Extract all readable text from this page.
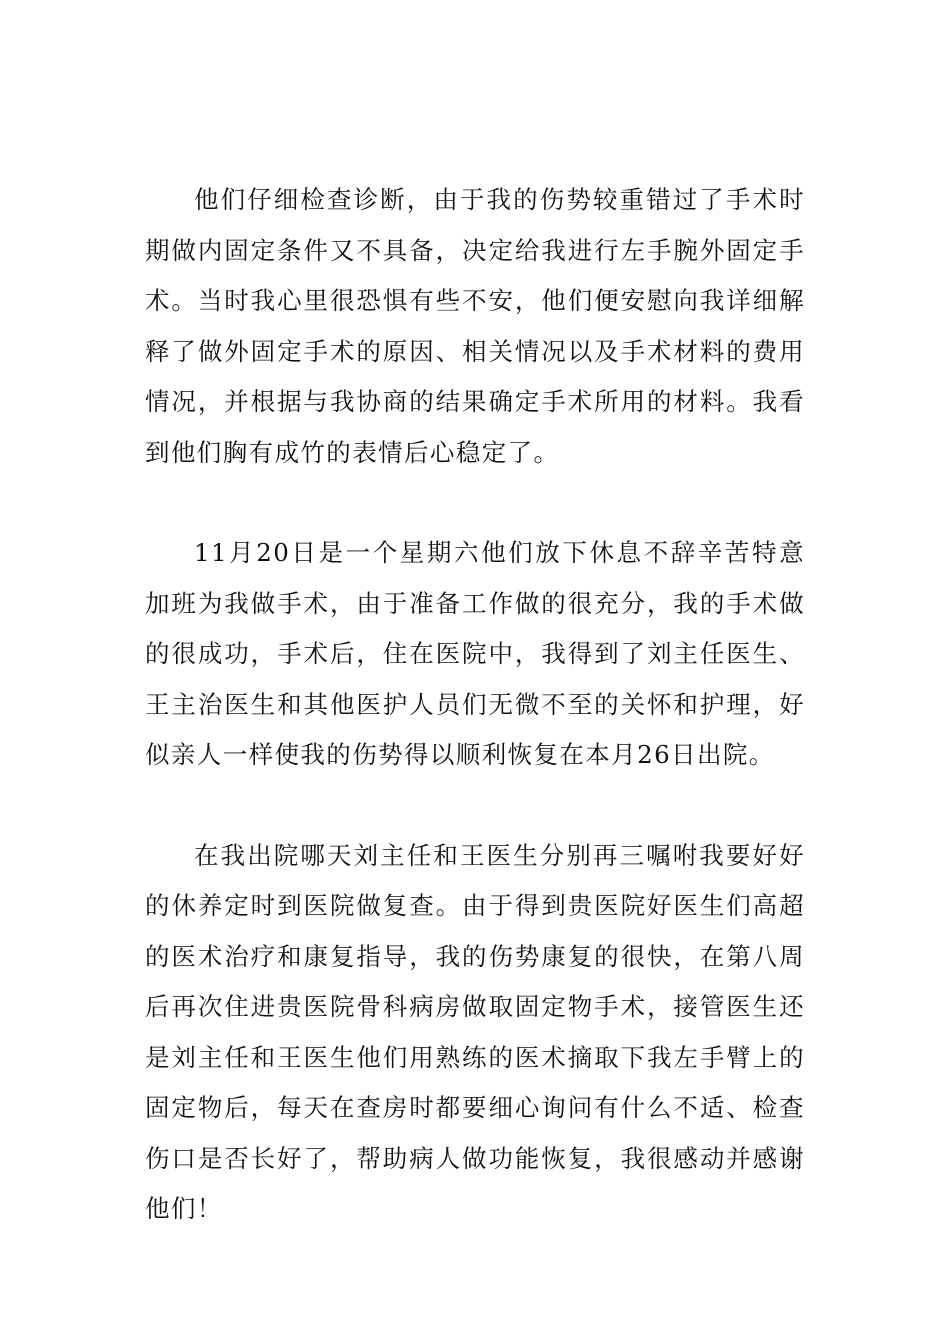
他们仔细检查诊断，由于我的伤势较重错过了手术时期做内固定条件又不具备，决定给我进行左手腕外固定手术。当时我心里很恐惧有些不安，他们便安慰向我详细解释了做外固定手术的原因、相关情况以及手术材料的费用情况，并根据与我协商的结果确定手术所用的材料。我看到他们胸有成竹的表情后心稳定了。

11月20日是一个星期六他们放下休息不辞辛苦特意加班为我做手术，由于准备工作做的很充分，我的手术做的很成功，手术后，住在医院中，我得到了刘主任医生、王主治医生和其他医护人员们无微不至的关怀和护理，好似亲人一样使我的伤势得以顺利恢复在本月26日出院。

在我出院哪天刘主任和王医生分别再三嘱咐我要好好的休养定时到医院做复查。由于得到贵医院好医生们高超的医术治疗和康复指导，我的伤势康复的很快，在第八周后再次住进贵医院骨科病房做取固定物手术，接管医生还是刘主任和王医生他们用熟练的医术摘取下我左手臂上的固定物后，每天在查房时都要细心询问有什么不适、检查伤口是否长好了，帮助病人做功能恢复，我很感动并感谢他们！
